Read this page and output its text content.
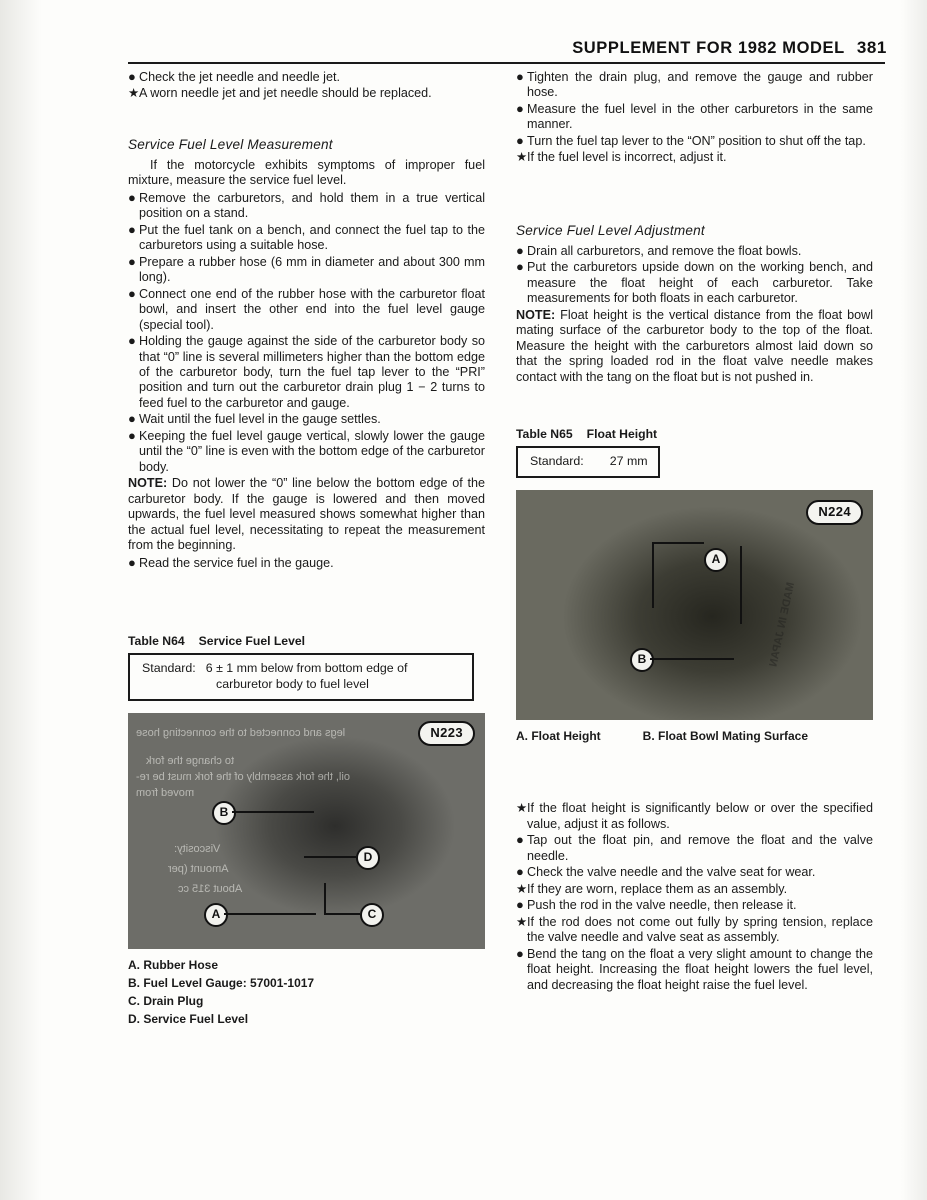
SUPPLEMENT FOR 1982 MODEL 381
● Check the jet needle and needle jet.
★ A worn needle jet and jet needle should be replaced.
Service Fuel Level Measurement

If the motorcycle exhibits symptoms of improper fuel mixture, measure the service fuel level.

● Remove the carburetors, and hold them in a true vertical position on a stand.
● Put the fuel tank on a bench, and connect the fuel tap to the carburetors using a suitable hose.
● Prepare a rubber hose (6 mm in diameter and about 300 mm long).
● Connect one end of the rubber hose with the carburetor float bowl, and insert the other end into the fuel level gauge (special tool).
● Holding the gauge against the side of the carburetor body so that “0” line is several millimeters higher than the bottom edge of the carburetor body, turn the fuel tap lever to the “PRI” position and turn out the carburetor drain plug 1 − 2 turns to feed fuel to the carburetor and gauge.
● Wait until the fuel level in the gauge settles.
● Keeping the fuel level gauge vertical, slowly lower the gauge until the “0” line is even with the bottom edge of the carburetor body.

NOTE: Do not lower the “0” line below the bottom edge of the carburetor body. If the gauge is lowered and then moved upwards, the fuel level measured shows somewhat higher than the actual fuel level, necessitating to repeat the measurement from the beginning.

● Read the service fuel in the gauge.
Table N64 Service Fuel Level
Standard: 6 ± 1 mm below from bottom edge of
carburetor body to fuel level
legs and connected to the connecting hose
to change the fork
oil, the fork assembly of the fork must be re-
moved from
Viscosity:
Amount (per
About 315 cc
N223
B
D
A	C
A. Rubber Hose
B. Fuel Level Gauge: 57001-1017
C. Drain Plug
D. Service Fuel Level
● Tighten the drain plug, and remove the gauge and rubber hose.
● Measure the fuel level in the other carburetors in the same manner.
● Turn the fuel tap lever to the “ON” position to shut off the tap.
★ If the fuel level is incorrect, adjust it.
Service Fuel Level Adjustment
● Drain all carburetors, and remove the float bowls.
● Put the carburetors upside down on the working bench, and measure the float height of each carburetor. Take measurements for both floats in each carburetor.

NOTE: Float height is the vertical distance from the float bowl mating surface of the carburetor body to the top of the float. Measure the height with the carburetors almost laid down so that the spring loaded rod in the float valve needle makes contact with the tang on the float but is not pushed in.

Table N65 Float Height
Standard: 27 mm
MADE IN JAPAN
N224
A
B
A. Float Height	B. Float Bowl Mating Surface
★ If the float height is significantly below or over the specified value, adjust it as follows.
● Tap out the float pin, and remove the float and the valve needle.
● Check the valve needle and the valve seat for wear.
★ If they are worn, replace them as an assembly.
● Push the rod in the valve needle, then release it.
★ If the rod does not come out fully by spring tension, replace the valve needle and valve seat as assembly.
● Bend the tang on the float a very slight amount to change the float height. Increasing the float height lowers the fuel level, and decreasing the float height raise the fuel level.
